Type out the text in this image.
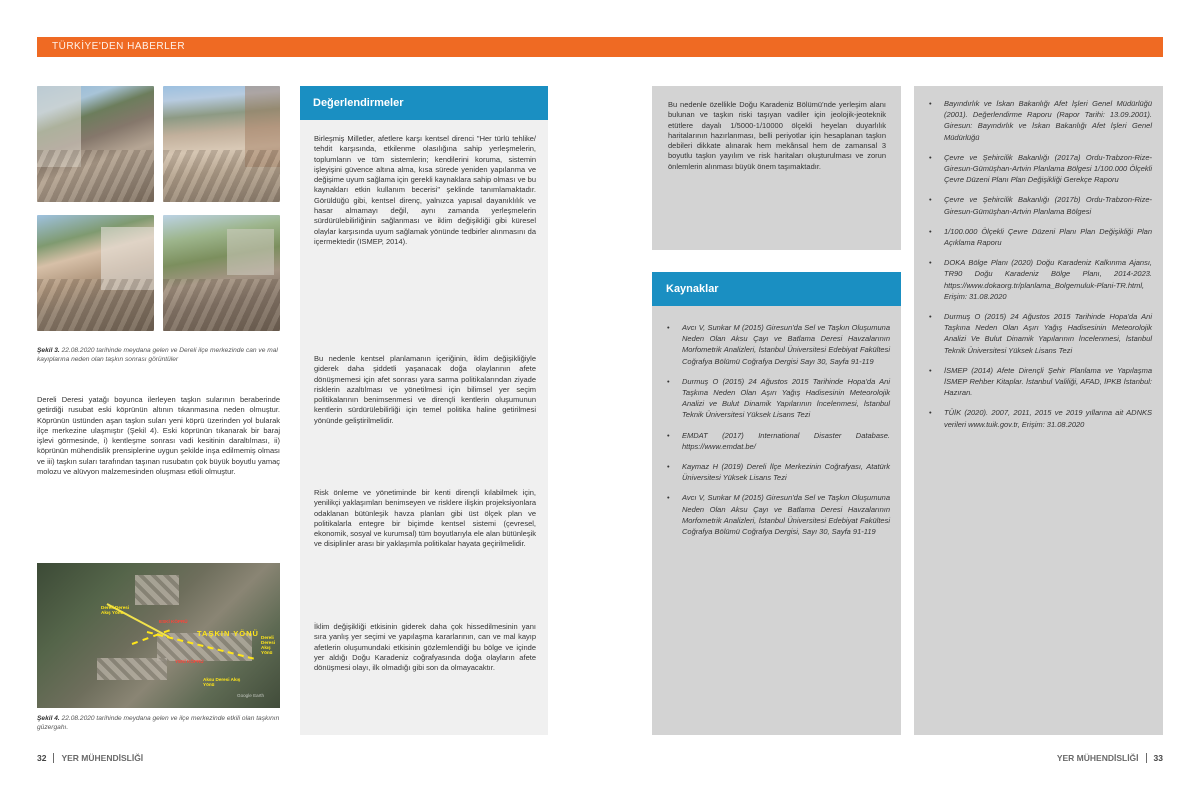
TÜRKİYE'DEN HABERLER
Şekil 3. 22.08.2020 tarihinde meydana gelen ve Dereli ilçe merkezinde can ve mal kayıplarına neden olan taşkın sonrası görüntüler
Dereli Deresi yatağı boyunca ilerleyen taşkın sularının beraberinde getirdiği rusubat eski köprünün altının tıkanmasına neden olmuştur. Köprünün üstünden aşan taşkın suları yeni köprü üzerinden yol bularak ilçe merkezine ulaşmıştır (Şekil 4). Eski köprünün tıkanarak bir baraj işlevi görmesinde, i) kentleşme sonrası vadi kesitinin daraltılması, ii) köprünün mühendislik prensiplerine uygun şekilde inşa edilmemiş olması ve iii) taşkın suları tarafından taşınan rusubatın çok büyük boyutlu yamaç molozu ve alüvyon malzemesinden oluşması etkili olmuştur.
Dereli Deresi Akış Yönü
ESKİ KÖPRÜ
TAŞKIN YÖNÜ
YENİ KÖPRÜ
Dereli Deresi Akış Yönü
Aksu Deresi Akış Yönü
Google Earth
Şekil 4. 22.08.2020 tarihinde meydana gelen ve ilçe merkezinde etkili olan taşkının güzergahı.
Değerlendirmeler
Birleşmiş Milletler, afetlere karşı kentsel direnci "Her türlü tehlike/ tehdit karşısında, etkilenme olasılığına sahip yerleşmelerin, toplumların ve tüm sistemlerin; kendilerini koruma, sistemin işleyişini güvence altına alma, kısa sürede yeniden yapılanma ve değişime uyum sağlama için gerekli kaynaklara sahip olması ve bu kaynakları etkin kullanım becerisi" şeklinde tanımlamaktadır. Görüldüğü gibi, kentsel direnç, yalnızca yapısal dayanıklılık ve hasar almamayı değil, aynı zamanda yerleşmelerin sürdürülebilirliğinin sağlanması ve iklim değişikliği gibi küresel olaylar karşısında uyum sağlamak yönünde tedbirler alınmasını da içermektedir (ISMEP, 2014).
Bu nedenle kentsel planlamanın içeriğinin, iklim değişikliğiyle giderek daha şiddetli yaşanacak doğa olaylarının afete dönüşmemesi için afet sonrası yara sarma politikalarından ziyade risklerin azaltılması ve yönetilmesi için bilimsel yer seçim politikalarının benimsenmesi ve dirençli kentlerin oluşumunun kentlerin sürdürülebilirliği için temel politika haline getirilmesi yönünde geliştirilmelidir.
Risk önleme ve yönetiminde bir kenti dirençli kılabilmek için, yenilikçi yaklaşımları benimseyen ve risklere ilişkin projeksiyonlara odaklanan bütünleşik havza planları gibi üst ölçek plan ve politikalarla entegre bir biçimde kentsel sistemi (çevresel, ekonomik, sosyal ve kurumsal) tüm boyutlarıyla ele alan bütünleşik ve disiplinler arası bir yaklaşımla politikalar hayata geçirilmelidir.
İklim değişikliği etkisinin giderek daha çok hissedilmesinin yanı sıra yanlış yer seçimi ve yapılaşma kararlarının, can ve mal kayıp afetlerin oluşumundaki etkisinin gözlemlendiği bu bölge ve içinde yer aldığı Doğu Karadeniz coğrafyasında doğa olayların afete dönüşmesi olayı, ilk olmadığı gibi son da olmayacaktır.
Bu nedenle özellikle Doğu Karadeniz Bölümü'nde yerleşim alanı bulunan ve taşkın riski taşıyan vadiler için jeolojik-jeoteknik etütlere dayalı 1/5000-1/10000 ölçekli heyelan duyarlılık haritalarının hazırlanması, belli periyotlar için hesaplanan taşkın debileri dikkate alınarak hem mekânsal hem de zamansal 3 boyutlu taşkın yayılım ve risk haritaları oluşturulması ve zorun önlemlerin alınması büyük önem taşımaktadır.
Kaynaklar
• Avcı V, Sunkar M (2015) Giresun'da Sel ve Taşkın Oluşumuna Neden Olan Aksu Çayı ve Batlama Deresi Havzalarının Morfometrik Analizleri, İstanbul Üniversitesi Edebiyat Fakültesi Coğrafya Bölümü Coğrafya Dergisi Sayı 30, Sayfa 91-119
• Durmuş O (2015) 24 Ağustos 2015 Tarihinde Hopa'da Ani Taşkına Neden Olan Aşırı Yağış Hadisesinin Meteorolojik Analizi ve Bulut Dinamik Yapılarının İncelenmesi, İstanbul Teknik Üniversitesi Yüksek Lisans Tezi
• EMDAT (2017) International Disaster Database. https://www.emdat.be/
• Kaymaz H (2019) Dereli İlçe Merkezinin Coğrafyası, Atatürk Üniversitesi Yüksek Lisans Tezi
• Avcı V, Sunkar M (2015) Giresun'da Sel ve Taşkın Oluşumuna Neden Olan Aksu Çayı ve Batlama Deresi Havzalarının Morfometrik Analizleri, İstanbul Üniversitesi Edebiyat Fakültesi Coğrafya Bölümü Coğrafya Dergisi, Sayı 30, Sayfa 91-119
• Bayındırlık ve İskan Bakanlığı Afet İşleri Genel Müdürlüğü (2001). Değerlendirme Raporu (Rapor Tarihi: 13.09.2001). Giresun: Bayındırlık ve İskan Bakanlığı Afet İşleri Genel Müdürlüğü
• Çevre ve Şehircilik Bakanlığı (2017a) Ordu-Trabzon-Rize-Giresun-Gümüşhan-Artvin Planlama Bölgesi 1/100.000 Ölçekli Çevre Düzeni Planı Plan Değişikliği Gerekçe Raporu
• Çevre ve Şehircilik Bakanlığı (2017b) Ordu-Trabzon-Rize-Giresun-Gümüşhan-Artvin Planlama Bölgesi
• 1/100.000 Ölçekli Çevre Düzeni Planı Plan Değişikliği Plan Açıklama Raporu
• DOKA Bölge Planı (2020) Doğu Karadeniz Kalkınma Ajansı, TR90 Doğu Karadeniz Bölge Planı, 2014-2023. https://www.dokaorg.tr/planlama_Bolgemuluk-Plani-TR.html, Erişim: 31.08.2020
• Durmuş O (2015) 24 Ağustos 2015 Tarihinde Hopa'da Ani Taşkına Neden Olan Aşırı Yağış Hadisesinin Meteorolojik Analizi Ve Bulut Dinamik Yapılarının İncelenmesi, İstanbul Teknik Üniversitesi Yüksek Lisans Tezi
• İSMEP (2014) Afete Dirençli Şehir Planlama ve Yapılaşma İSMEP Rehber Kitaplar. İstanbul Valiliği, AFAD, İPKB İstanbul: Hazıran.
• TÜİK (2020). 2007, 2011, 2015 ve 2019 yıllarına ait ADNKS verileri www.tuik.gov.tr, Erişim: 31.08.2020
32 YER MÜHENDİSLİĞİ	YER MÜHENDİSLİĞİ 33
